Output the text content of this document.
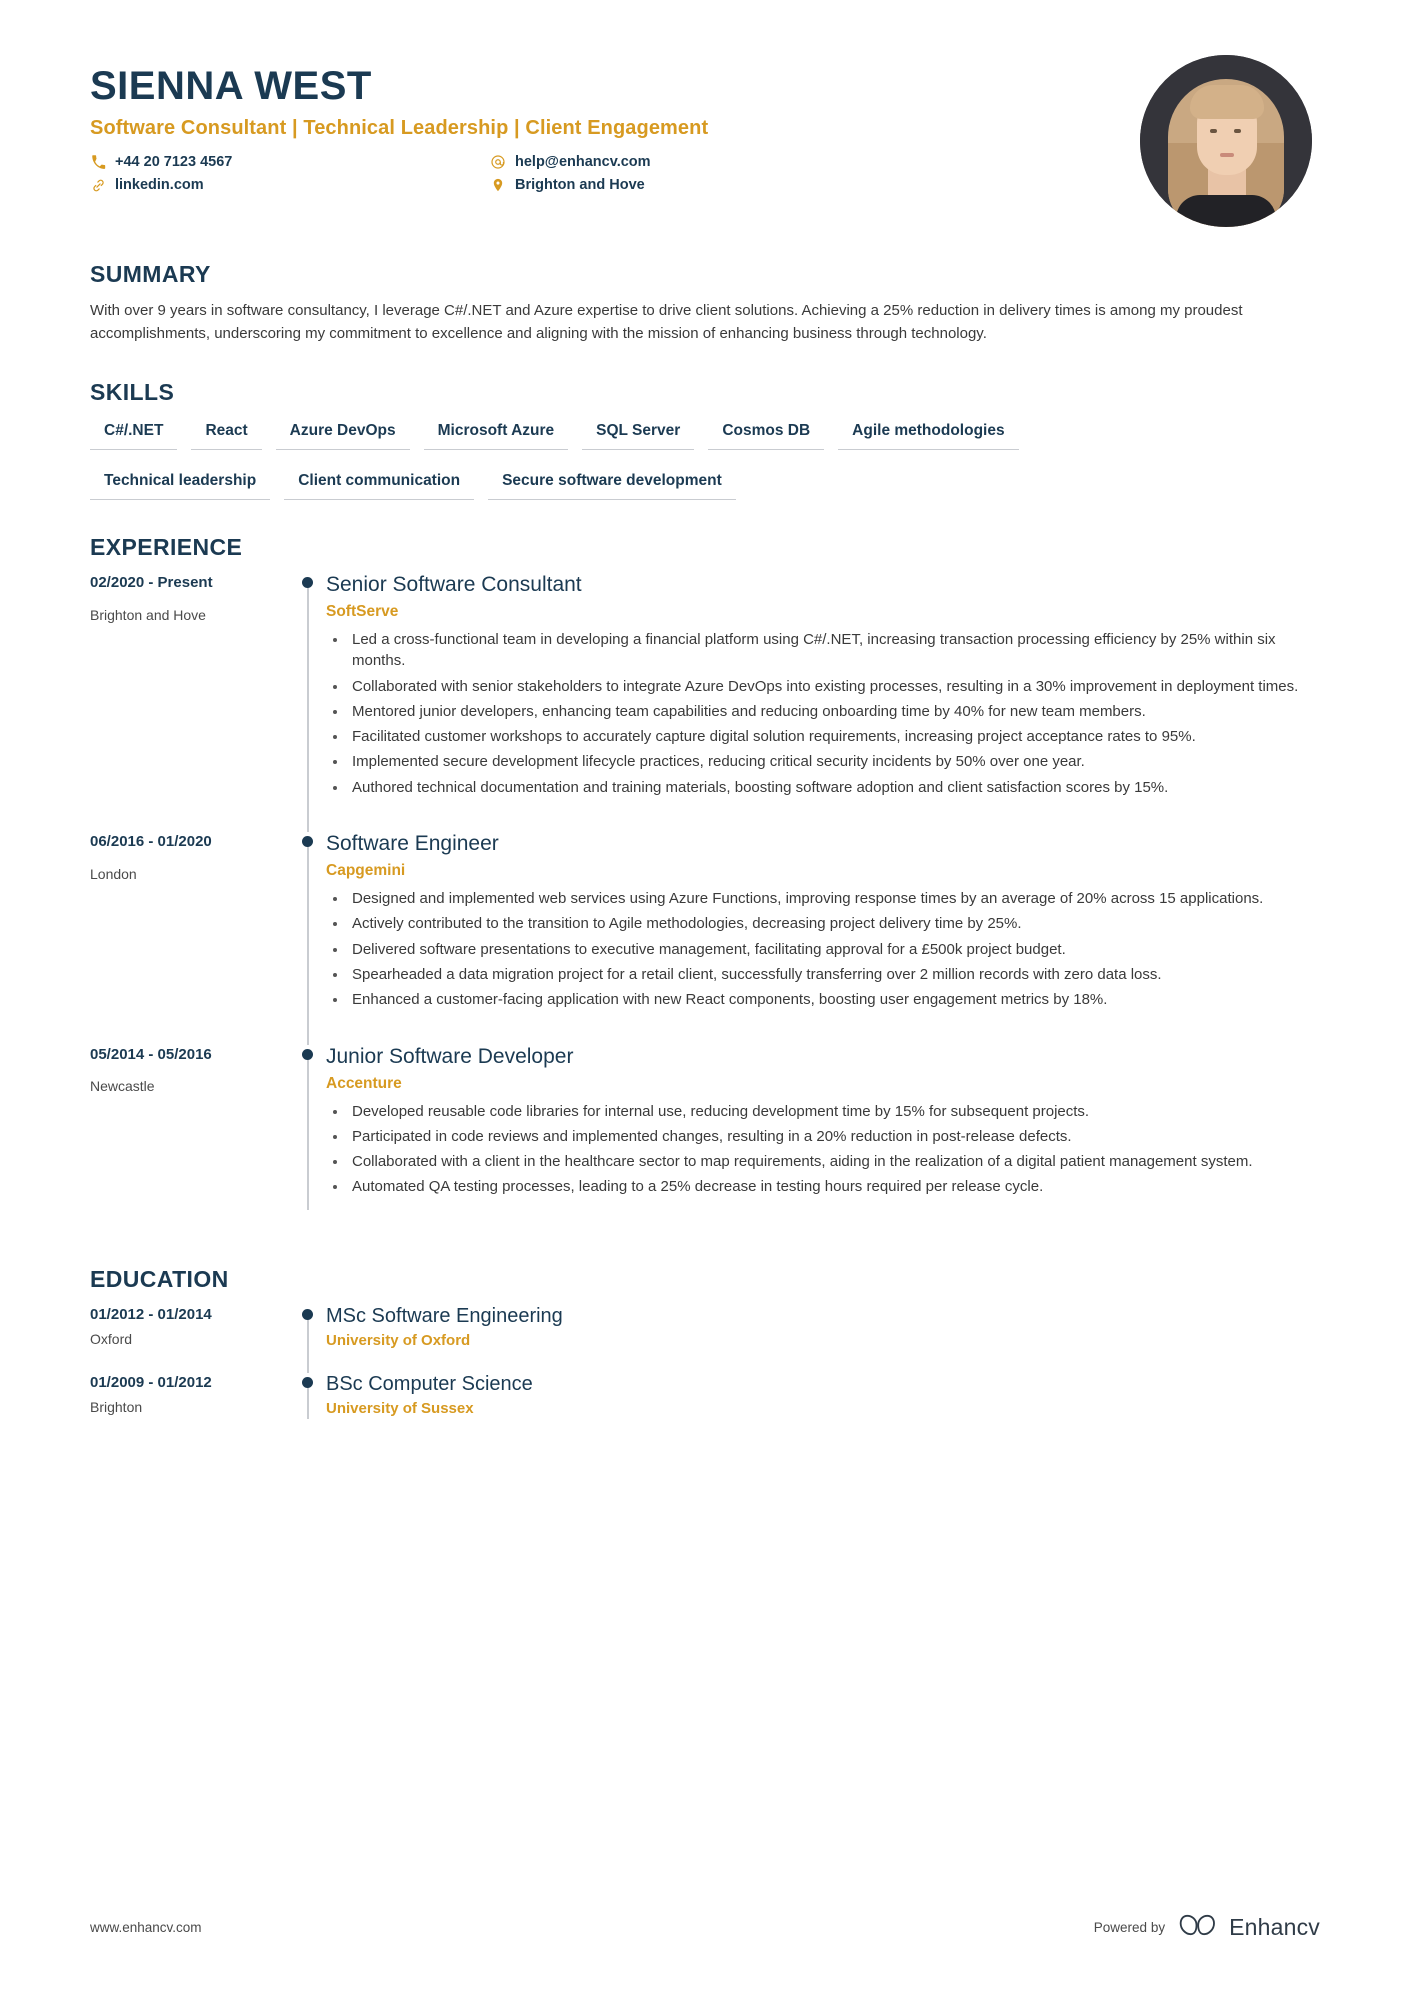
SIENNA WEST
Software Consultant | Technical Leadership | Client Engagement
+44 20 7123 4567	help@enhancv.com
linkedin.com	Brighton and Hove
SUMMARY

With over 9 years in software consultancy, I leverage C#/.NET and Azure expertise to drive client solutions. Achieving a 25% reduction in delivery times is among my proudest accomplishments, underscoring my commitment to excellence and aligning with the mission of enhancing business through technology.

SKILLS
C#/.NET	React	Azure DevOps	Microsoft Azure	SQL Server	Cosmos DB	Agile methodologies
Technical leadership	Client communication	Secure software development
EXPERIENCE
02/2020 - Present
Brighton and Hove
Senior Software Consultant
SoftServe
• Led a cross-functional team in developing a financial platform using C#/.NET, increasing transaction processing efficiency by 25% within six months.
• Collaborated with senior stakeholders to integrate Azure DevOps into existing processes, resulting in a 30% improvement in deployment times.
• Mentored junior developers, enhancing team capabilities and reducing onboarding time by 40% for new team members.
• Facilitated customer workshops to accurately capture digital solution requirements, increasing project acceptance rates to 95%.
• Implemented secure development lifecycle practices, reducing critical security incidents by 50% over one year.
• Authored technical documentation and training materials, boosting software adoption and client satisfaction scores by 15%.
06/2016 - 01/2020
London
Software Engineer
Capgemini
• Designed and implemented web services using Azure Functions, improving response times by an average of 20% across 15 applications.
• Actively contributed to the transition to Agile methodologies, decreasing project delivery time by 25%.
• Delivered software presentations to executive management, facilitating approval for a £500k project budget.
• Spearheaded a data migration project for a retail client, successfully transferring over 2 million records with zero data loss.
• Enhanced a customer-facing application with new React components, boosting user engagement metrics by 18%.
05/2014 - 05/2016
Newcastle
Junior Software Developer
Accenture
• Developed reusable code libraries for internal use, reducing development time by 15% for subsequent projects.
• Participated in code reviews and implemented changes, resulting in a 20% reduction in post-release defects.
• Collaborated with a client in the healthcare sector to map requirements, aiding in the realization of a digital patient management system.
• Automated QA testing processes, leading to a 25% decrease in testing hours required per release cycle.
EDUCATION
01/2012 - 01/2014
Oxford
MSc Software Engineering
University of Oxford
01/2009 - 01/2012
Brighton
BSc Computer Science
University of Sussex
www.enhancv.com	Powered by	Enhancv
